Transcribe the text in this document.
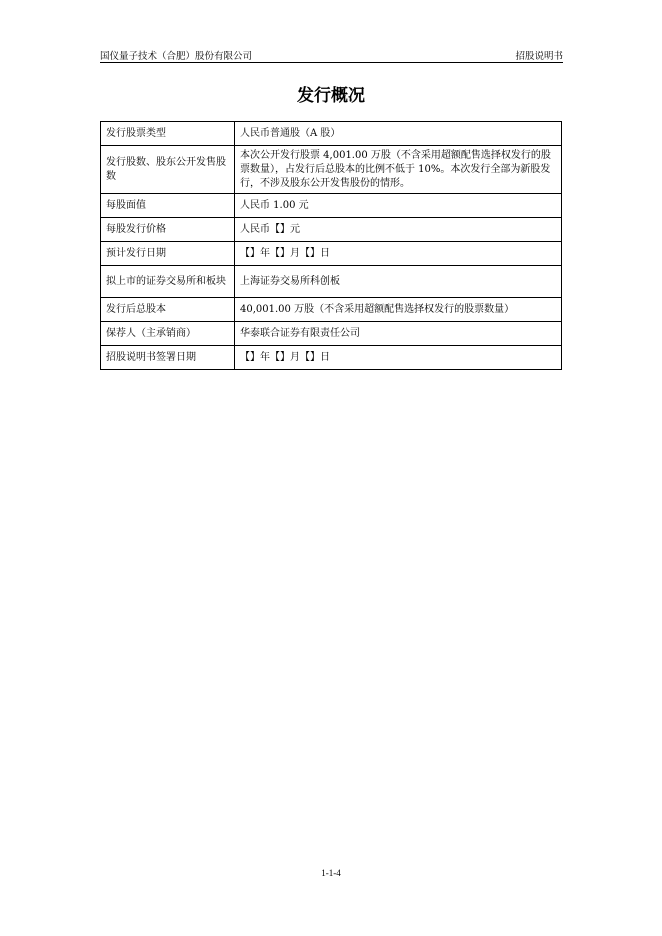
国仪量子技术（合肥）股份有限公司	招股说明书
发行概况
发行股票类型	人民币普通股（A 股）
发行股数、股东公开发售股数	本次公开发行股票 4,001.00 万股（不含采用超额配售选择权发行的股票数量），占发行后总股本的比例不低于 10%。本次发行全部为新股发行，不涉及股东公开发售股份的情形。
每股面值	人民币 1.00 元
每股发行价格	人民币【】元
预计发行日期	【】年【】月【】日
拟上市的证券交易所和板块	上海证券交易所科创板
发行后总股本	40,001.00 万股（不含采用超额配售选择权发行的股票数量）
保荐人（主承销商）	华泰联合证券有限责任公司
招股说明书签署日期	【】年【】月【】日
1-1-4
